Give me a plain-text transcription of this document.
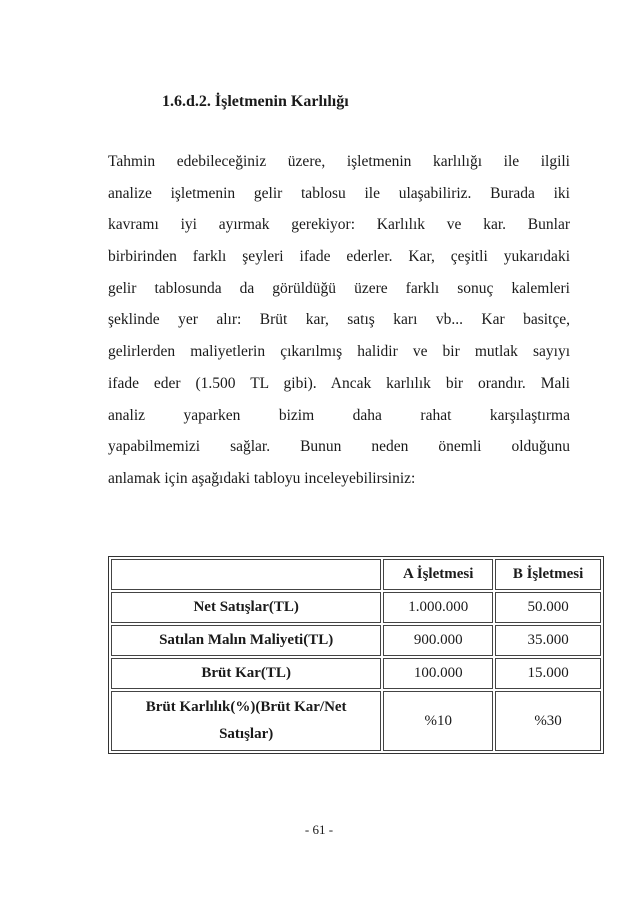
1.6.d.2. İşletmenin Karlılığı
Tahmin edebileceğiniz üzere, işletmenin karlılığı ile ilgili
analize işletmenin gelir tablosu ile ulaşabiliriz. Burada iki
kavramı iyi ayırmak gerekiyor: Karlılık ve kar. Bunlar
birbirinden farklı şeyleri ifade ederler. Kar, çeşitli yukarıdaki
gelir tablosunda da görüldüğü üzere farklı sonuç kalemleri
şeklinde yer alır: Brüt kar, satış karı vb... Kar basitçe,
gelirlerden maliyetlerin çıkarılmış halidir ve bir mutlak sayıyı
ifade eder (1.500 TL gibi). Ancak karlılık bir orandır. Mali
analiz yaparken bizim daha rahat karşılaştırma
yapabilmemizi sağlar. Bunun neden önemli olduğunu
anlamak için aşağıdaki tabloyu inceleyebilirsiniz:
	A İşletmesi	B İşletmesi
Net Satışlar(TL)	1.000.000	50.000
Satılan Malın Maliyeti(TL)	900.000	35.000
Brüt Kar(TL)	100.000	15.000
Brüt Karlılık(%)(Brüt Kar/Net
Satışlar)	%10	%30

- 61 -
